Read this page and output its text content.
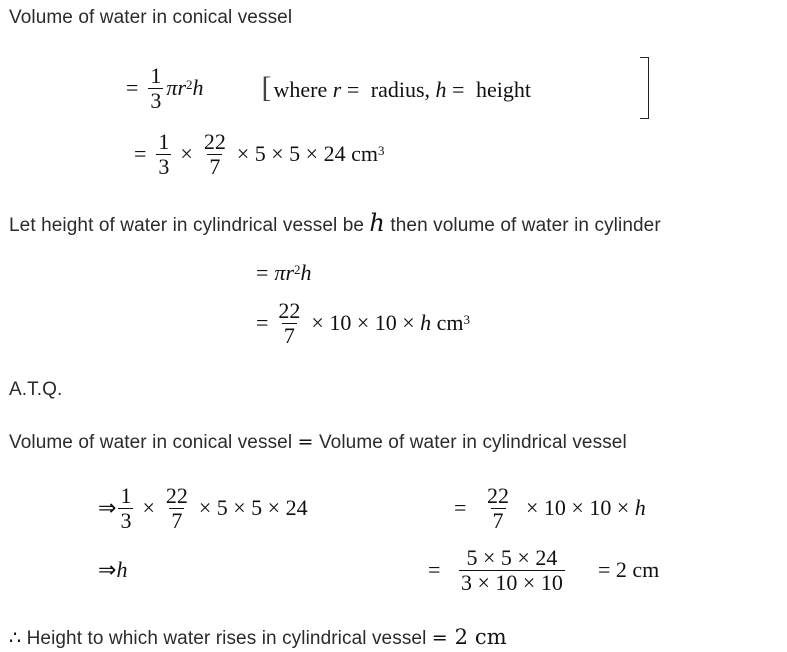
Volume of water in conical vessel
= $\frac{1}{3} \pi r^2$ h [where r = radius, h = height
= $\frac{1}{3} \times \frac{22}{7} \times 5 \times 5 \times 24$ $cm^3$
Let height of water in cylindrical vessel be h then volume of water in cylinder
= $\pi r^2$ h
= $\frac{22}{7} \times 10 \times 10 \times h$ $cm^3$
A.T.Q.
Volume of water in conical vessel = Volume of water in cylindrical vessel
⇒ $\frac{1}{3} \times \frac{22}{7} \times 5 \times 5 \times 24$	= $\frac{22}{7} \times 10 \times 10 \times h$
⇒ h	= $\frac{5 \times 5 \times 24}{3 \times 10 \times 10} = 2$ cm
∴ Height to which water rises in cylindrical vessel = 2 cm
